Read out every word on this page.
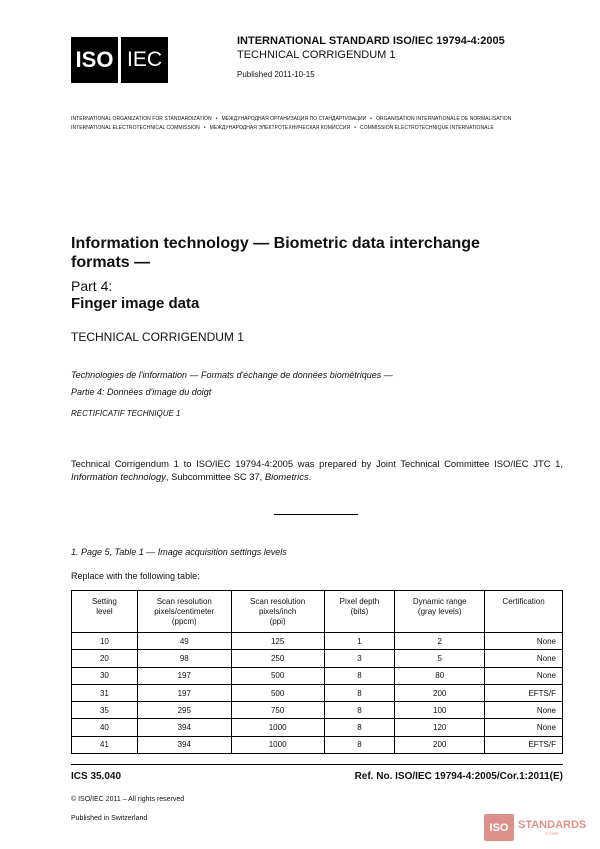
ISO IEC
INTERNATIONAL STANDARD ISO/IEC 19794-4:2005
TECHNICAL CORRIGENDUM 1
Published 2011-10-15
INTERNATIONAL ORGANIZATION FOR STANDARDIZATION • МЕЖДУНАРОДНАЯ ОРГАНИЗАЦИЯ ПО СТАНДАРТИЗАЦИИ • ORGANISATION INTERNATIONALE DE NORMALISATION
INTERNATIONAL ELECTROTECHNICAL COMMISSION • МЕЖДУНАРОДНАЯ ЭЛЕКТРОТЕХНИЧЕСКАЯ КОМИССИЯ • COMMISSION ÉLECTROTECHNIQUE INTERNATIONALE
Information technology — Biometric data interchange formats —
Part 4:
Finger image data
TECHNICAL CORRIGENDUM 1
Technologies de l'information — Formats d'échange de données biométriques —
Partie 4: Données d'image du doigt
RECTIFICATIF TECHNIQUE 1
Technical Corrigendum 1 to ISO/IEC 19794-4:2005 was prepared by Joint Technical Committee ISO/IEC JTC 1, Information technology, Subcommittee SC 37, Biometrics.
1. Page 5, Table 1 — Image acquisition settings levels
Replace with the following table:
Setting
level	Scan resolution
pixels/centimeter
(ppcm)	Scan resolution
pixels/inch
(ppi)	Pixel depth
(bits)	Dynamic range
(gray levels)	Certification
10	49	125	1	2	None
20	98	250	3	5	None
30	197	500	8	80	None
31	197	500	8	200	EFTS/F
35	295	750	8	100	None
40	394	1000	8	120	None
41	394	1000	8	200	EFTS/F
ICS 35.040	Ref. No. ISO/IEC 19794-4:2005/Cor.1:2011(E)
© ISO/IEC 2011 – All rights reserved
Published in Switzerland
ISO STANDARDS
STORE
